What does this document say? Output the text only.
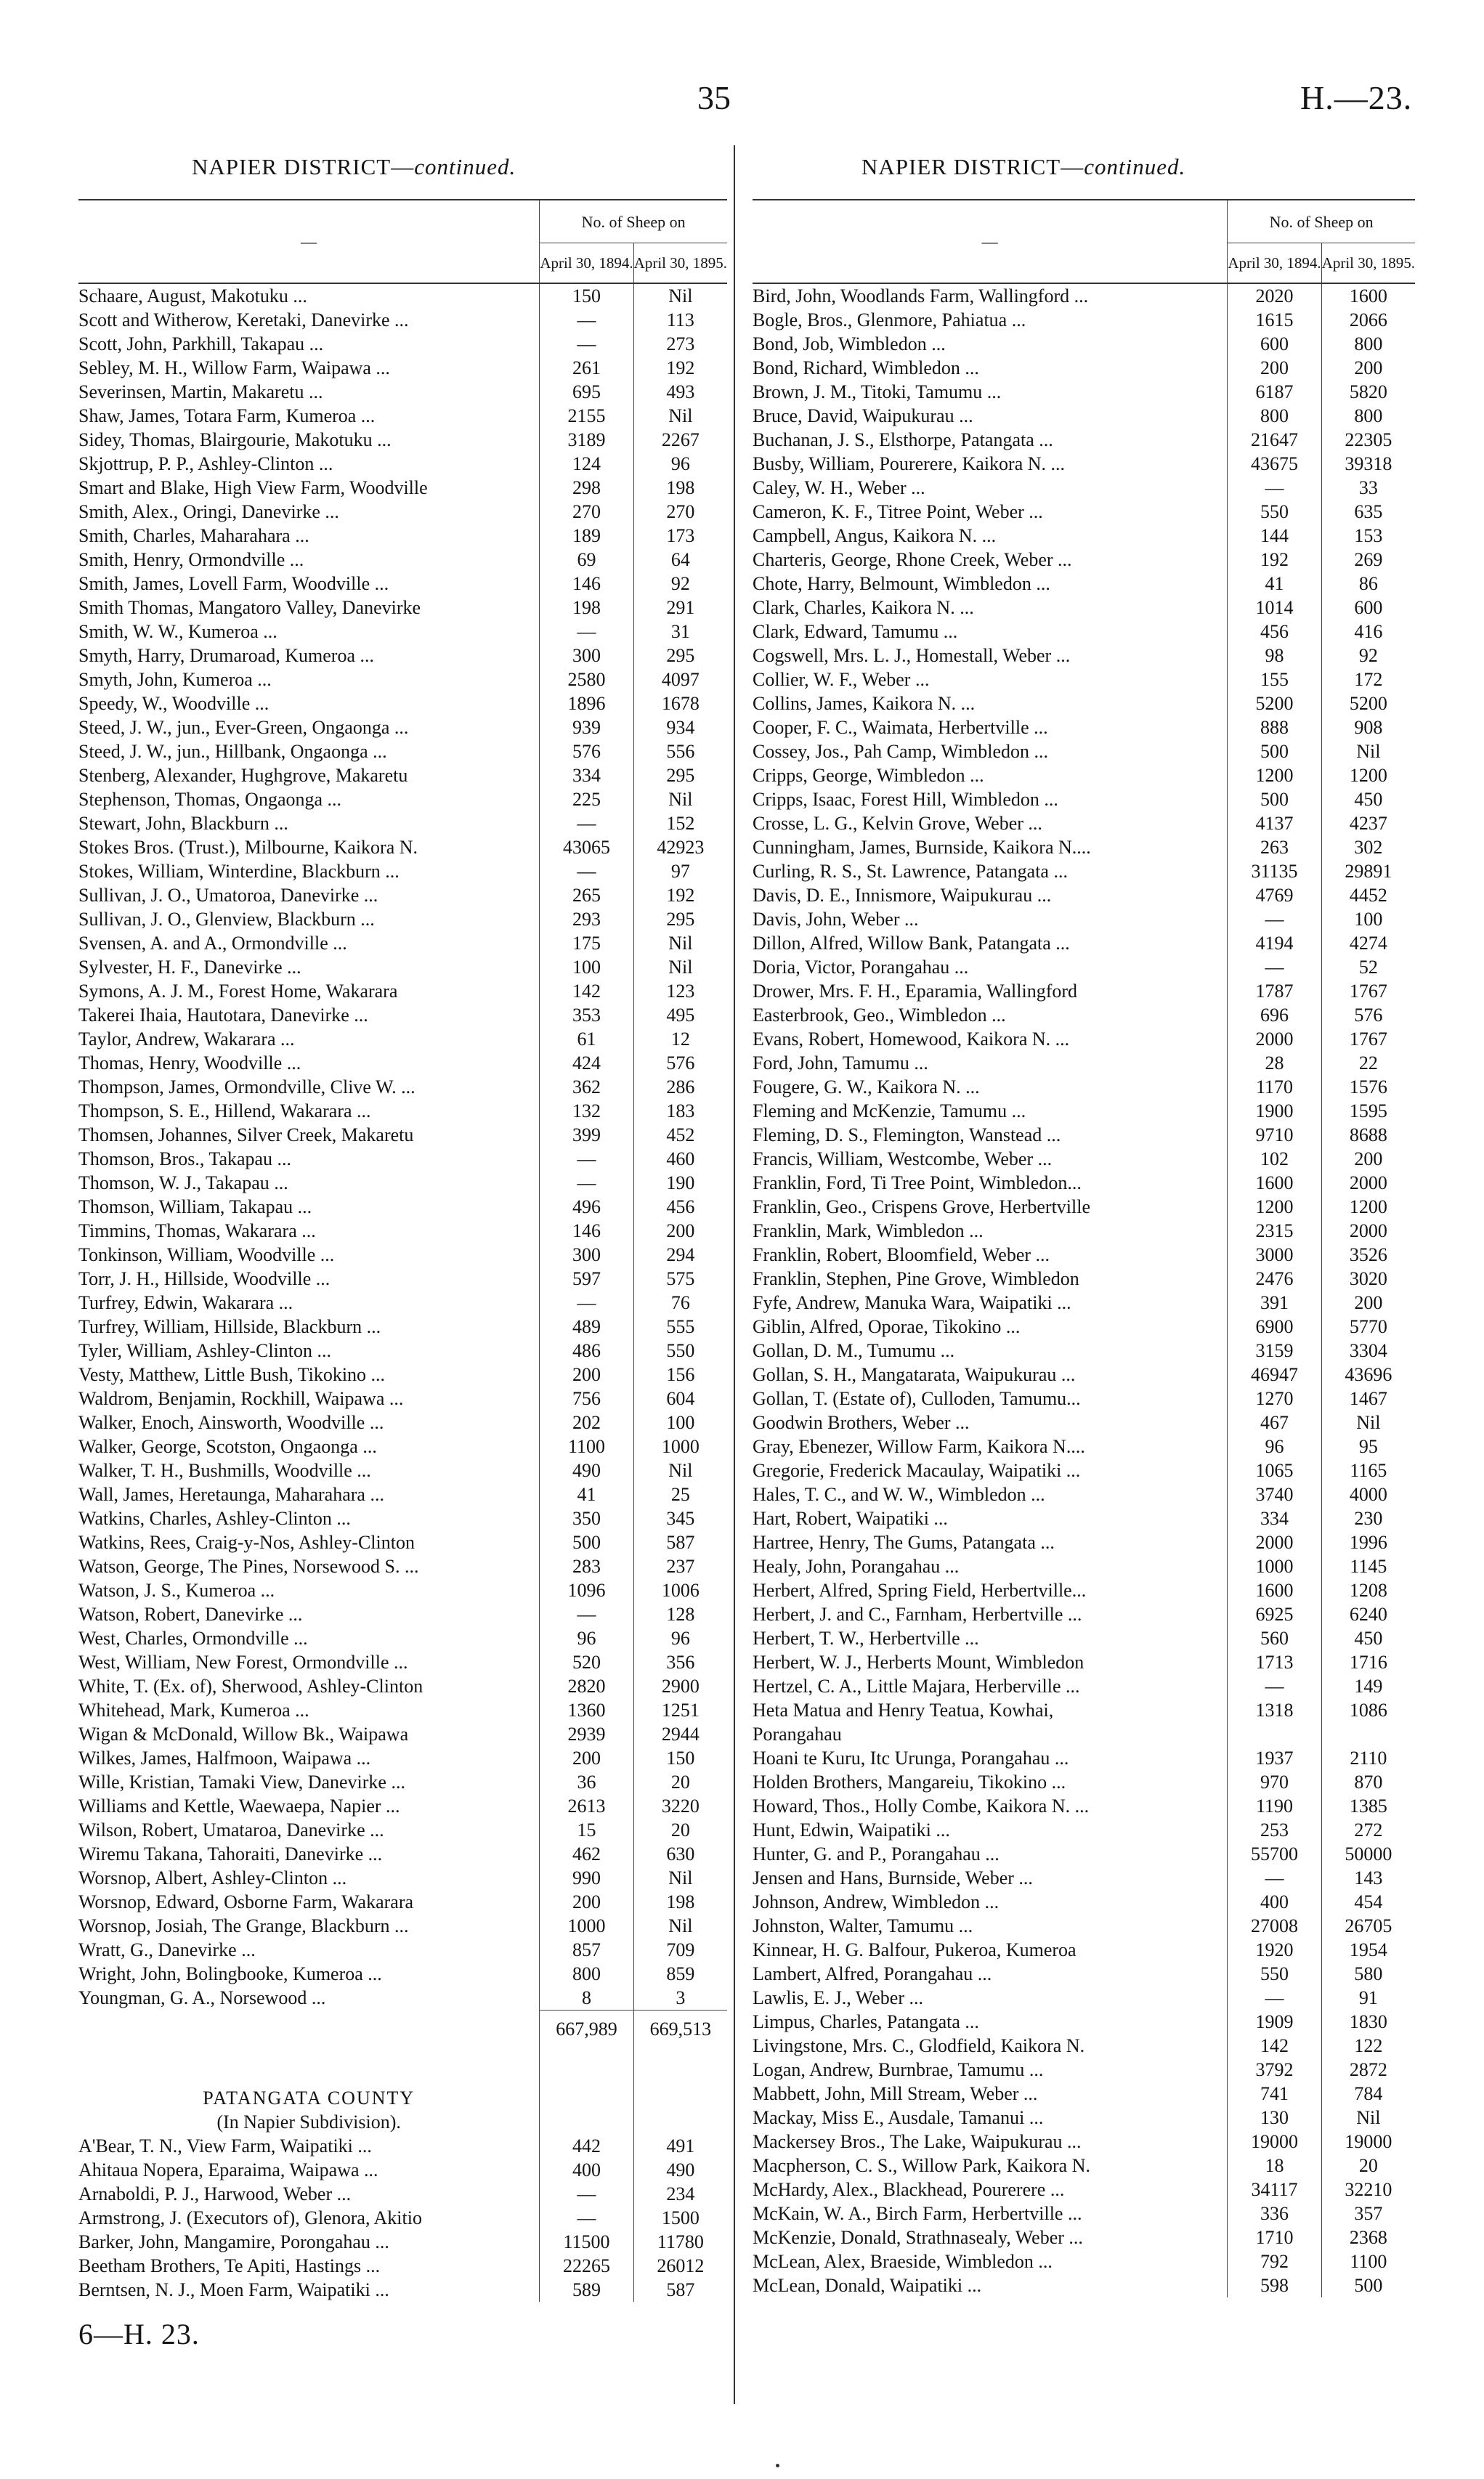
35	H.—23.
NAPIER DISTRICT—continued.	NAPIER DISTRICT—continued.
—	No. of Sheep on	
	April 30, 1894.	April 30, 1895.
Schaare, August, Makotuku ...	150	Nil
Scott and Witherow, Keretaki, Danevirke ...	—	113
Scott, John, Parkhill, Takapau ...	—	273
Sebley, M. H., Willow Farm, Waipawa ...	261	192
Severinsen, Martin, Makaretu ...	695	493
Shaw, James, Totara Farm, Kumeroa ...	2155	Nil
Sidey, Thomas, Blairgourie, Makotuku ...	3189	2267
Skjottrup, P. P., Ashley-Clinton ...	124	96
Smart and Blake, High View Farm, Woodville	298	198
Smith, Alex., Oringi, Danevirke ...	270	270
Smith, Charles, Maharahara ...	189	173
Smith, Henry, Ormondville ...	69	64
Smith, James, Lovell Farm, Woodville ...	146	92
Smith Thomas, Mangatoro Valley, Danevirke	198	291
Smith, W. W., Kumeroa ...	—	31
Smyth, Harry, Drumaroad, Kumeroa ...	300	295
Smyth, John, Kumeroa ...	2580	4097
Speedy, W., Woodville ...	1896	1678
Steed, J. W., jun., Ever-Green, Ongaonga ...	939	934
Steed, J. W., jun., Hillbank, Ongaonga ...	576	556
Stenberg, Alexander, Hughgrove, Makaretu	334	295
Stephenson, Thomas, Ongaonga ...	225	Nil
Stewart, John, Blackburn ...	—	152
Stokes Bros. (Trust.), Milbourne, Kaikora N.	43065	42923
Stokes, William, Winterdine, Blackburn ...	—	97
Sullivan, J. O., Umatoroa, Danevirke ...	265	192
Sullivan, J. O., Glenview, Blackburn ...	293	295
Svensen, A. and A., Ormondville ...	175	Nil
Sylvester, H. F., Danevirke ...	100	Nil
Symons, A. J. M., Forest Home, Wakarara	142	123
Takerei Ihaia, Hautotara, Danevirke ...	353	495
Taylor, Andrew, Wakarara ...	61	12
Thomas, Henry, Woodville ...	424	576
Thompson, James, Ormondville, Clive W. ...	362	286
Thompson, S. E., Hillend, Wakarara ...	132	183
Thomsen, Johannes, Silver Creek, Makaretu	399	452
Thomson, Bros., Takapau ...	—	460
Thomson, W. J., Takapau ...	—	190
Thomson, William, Takapau ...	496	456
Timmins, Thomas, Wakarara ...	146	200
Tonkinson, William, Woodville ...	300	294
Torr, J. H., Hillside, Woodville ...	597	575
Turfrey, Edwin, Wakarara ...	—	76
Turfrey, William, Hillside, Blackburn ...	489	555
Tyler, William, Ashley-Clinton ...	486	550
Vesty, Matthew, Little Bush, Tikokino ...	200	156
Waldrom, Benjamin, Rockhill, Waipawa ...	756	604
Walker, Enoch, Ainsworth, Woodville ...	202	100
Walker, George, Scotston, Ongaonga ...	1100	1000
Walker, T. H., Bushmills, Woodville ...	490	Nil
Wall, James, Heretaunga, Maharahara ...	41	25
Watkins, Charles, Ashley-Clinton ...	350	345
Watkins, Rees, Craig-y-Nos, Ashley-Clinton	500	587
Watson, George, The Pines, Norsewood S. ...	283	237
Watson, J. S., Kumeroa ...	1096	1006
Watson, Robert, Danevirke ...	—	128
West, Charles, Ormondville ...	96	96
West, William, New Forest, Ormondville ...	520	356
White, T. (Ex. of), Sherwood, Ashley-Clinton	2820	2900
Whitehead, Mark, Kumeroa ...	1360	1251
Wigan & McDonald, Willow Bk., Waipawa	2939	2944
Wilkes, James, Halfmoon, Waipawa ...	200	150
Wille, Kristian, Tamaki View, Danevirke ...	36	20
Williams and Kettle, Waewaepa, Napier ...	2613	3220
Wilson, Robert, Umataroa, Danevirke ...	15	20
Wiremu Takana, Tahoraiti, Danevirke ...	462	630
Worsnop, Albert, Ashley-Clinton ...	990	Nil
Worsnop, Edward, Osborne Farm, Wakarara	200	198
Worsnop, Josiah, The Grange, Blackburn ...	1000	Nil
Wratt, G., Danevirke ...	857	709
Wright, John, Bolingbooke, Kumeroa ...	800	859
Youngman, G. A., Norsewood ...	8	3
	667,989	669,513

PATANGATA COUNTY		
(In Napier Subdivision).		
A'Bear, T. N., View Farm, Waipatiki ...	442	491
Ahitaua Nopera, Eparaima, Waipawa ...	400	490
Arnaboldi, P. J., Harwood, Weber ...	—	234
Armstrong, J. (Executors of), Glenora, Akitio	—	1500
Barker, John, Mangamire, Porongahau ...	11500	11780
Beetham Brothers, Te Apiti, Hastings ...	22265	26012
Berntsen, N. J., Moen Farm, Waipatiki ...	589	587
—	No. of Sheep on	
	April 30, 1894.	April 30, 1895.
Bird, John, Woodlands Farm, Wallingford ...	2020	1600
Bogle, Bros., Glenmore, Pahiatua ...	1615	2066
Bond, Job, Wimbledon ...	600	800
Bond, Richard, Wimbledon ...	200	200
Brown, J. M., Titoki, Tamumu ...	6187	5820
Bruce, David, Waipukurau ...	800	800
Buchanan, J. S., Elsthorpe, Patangata ...	21647	22305
Busby, William, Pourerere, Kaikora N. ...	43675	39318
Caley, W. H., Weber ...	—	33
Cameron, K. F., Titree Point, Weber ...	550	635
Campbell, Angus, Kaikora N. ...	144	153
Charteris, George, Rhone Creek, Weber ...	192	269
Chote, Harry, Belmount, Wimbledon ...	41	86
Clark, Charles, Kaikora N. ...	1014	600
Clark, Edward, Tamumu ...	456	416
Cogswell, Mrs. L. J., Homestall, Weber ...	98	92
Collier, W. F., Weber ...	155	172
Collins, James, Kaikora N. ...	5200	5200
Cooper, F. C., Waimata, Herbertville ...	888	908
Cossey, Jos., Pah Camp, Wimbledon ...	500	Nil
Cripps, George, Wimbledon ...	1200	1200
Cripps, Isaac, Forest Hill, Wimbledon ...	500	450
Crosse, L. G., Kelvin Grove, Weber ...	4137	4237
Cunningham, James, Burnside, Kaikora N....	263	302
Curling, R. S., St. Lawrence, Patangata ...	31135	29891
Davis, D. E., Innismore, Waipukurau ...	4769	4452
Davis, John, Weber ...	—	100
Dillon, Alfred, Willow Bank, Patangata ...	4194	4274
Doria, Victor, Porangahau ...	—	52
Drower, Mrs. F. H., Eparamia, Wallingford	1787	1767
Easterbrook, Geo., Wimbledon ...	696	576
Evans, Robert, Homewood, Kaikora N. ...	2000	1767
Ford, John, Tamumu ...	28	22
Fougere, G. W., Kaikora N. ...	1170	1576
Fleming and McKenzie, Tamumu ...	1900	1595
Fleming, D. S., Flemington, Wanstead ...	9710	8688
Francis, William, Westcombe, Weber ...	102	200
Franklin, Ford, Ti Tree Point, Wimbledon...	1600	2000
Franklin, Geo., Crispens Grove, Herbertville	1200	1200
Franklin, Mark, Wimbledon ...	2315	2000
Franklin, Robert, Bloomfield, Weber ...	3000	3526
Franklin, Stephen, Pine Grove, Wimbledon	2476	3020
Fyfe, Andrew, Manuka Wara, Waipatiki ...	391	200
Giblin, Alfred, Oporae, Tikokino ...	6900	5770
Gollan, D. M., Tumumu ...	3159	3304
Gollan, S. H., Mangatarata, Waipukurau ...	46947	43696
Gollan, T. (Estate of), Culloden, Tamumu...	1270	1467
Goodwin Brothers, Weber ...	467	Nil
Gray, Ebenezer, Willow Farm, Kaikora N....	96	95
Gregorie, Frederick Macaulay, Waipatiki ...	1065	1165
Hales, T. C., and W. W., Wimbledon ...	3740	4000
Hart, Robert, Waipatiki ...	334	230
Hartree, Henry, The Gums, Patangata ...	2000	1996
Healy, John, Porangahau ...	1000	1145
Herbert, Alfred, Spring Field, Herbertville...	1600	1208
Herbert, J. and C., Farnham, Herbertville ...	6925	6240
Herbert, T. W., Herbertville ...	560	450
Herbert, W. J., Herberts Mount, Wimbledon	1713	1716
Hertzel, C. A., Little Majara, Herberville ...	—	149
Heta Matua and Henry Teatua, Kowhai,	1318	1086
Porangahau		
Hoani te Kuru, Itc Urunga, Porangahau ...	1937	2110
Holden Brothers, Mangareiu, Tikokino ...	970	870
Howard, Thos., Holly Combe, Kaikora N. ...	1190	1385
Hunt, Edwin, Waipatiki ...	253	272
Hunter, G. and P., Porangahau ...	55700	50000
Jensen and Hans, Burnside, Weber ...	—	143
Johnson, Andrew, Wimbledon ...	400	454
Johnston, Walter, Tamumu ...	27008	26705
Kinnear, H. G. Balfour, Pukeroa, Kumeroa	1920	1954
Lambert, Alfred, Porangahau ...	550	580
Lawlis, E. J., Weber ...	—	91
Limpus, Charles, Patangata ...	1909	1830
Livingstone, Mrs. C., Glodfield, Kaikora N.	142	122
Logan, Andrew, Burnbrae, Tamumu ...	3792	2872
Mabbett, John, Mill Stream, Weber ...	741	784
Mackay, Miss E., Ausdale, Tamanui ...	130	Nil
Mackersey Bros., The Lake, Waipukurau ...	19000	19000
Macpherson, C. S., Willow Park, Kaikora N.	18	20
McHardy, Alex., Blackhead, Pourerere ...	34117	32210
McKain, W. A., Birch Farm, Herbertville ...	336	357
McKenzie, Donald, Strathnasealy, Weber ...	1710	2368
McLean, Alex, Braeside, Wimbledon ...	792	1100
McLean, Donald, Waipatiki ...	598	500
6—H. 23.
